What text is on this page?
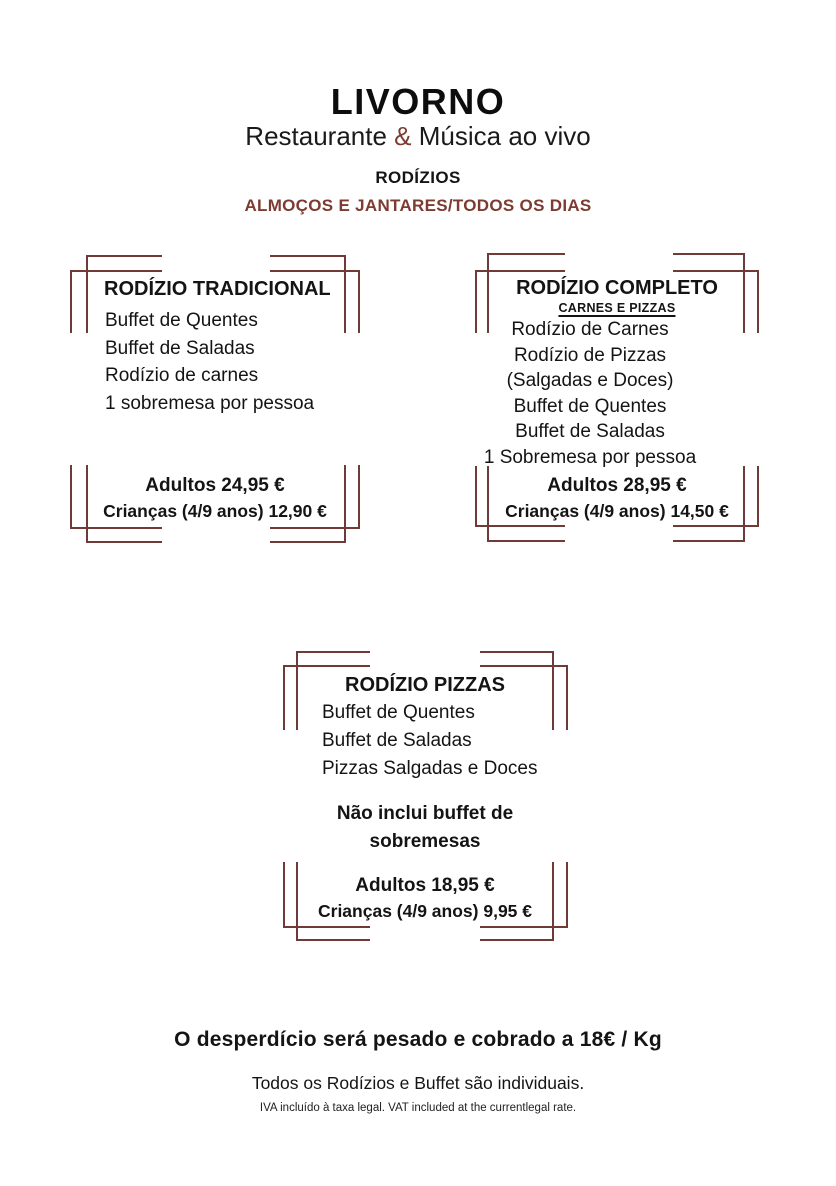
LIVORNO
Restaurante & Música ao vivo
RODÍZIOS
ALMOÇOS E JANTARES/TODOS OS DIAS
RODÍZIO TRADICIONAL
Buffet de Quentes
Buffet de Saladas
Rodízio de carnes
1 sobremesa por pessoa
Adultos 24,95 €
Crianças (4/9 anos) 12,90 €
RODÍZIO COMPLETO
CARNES E PIZZAS
Rodízio de Carnes
Rodízio de Pizzas
(Salgadas e Doces)
Buffet de Quentes
Buffet de Saladas
1 Sobremesa por pessoa
Adultos 28,95 €
Crianças (4/9 anos) 14,50 €
RODÍZIO PIZZAS
Buffet de Quentes
Buffet de Saladas
Pizzas Salgadas e Doces
Não inclui buffet de
sobremesas
Adultos 18,95 €
Crianças (4/9 anos) 9,95 €
O desperdício será pesado e cobrado a 18€ / Kg
Todos os Rodízios e Buffet são individuais.
IVA incluído à taxa legal. VAT included at the currentlegal rate.
